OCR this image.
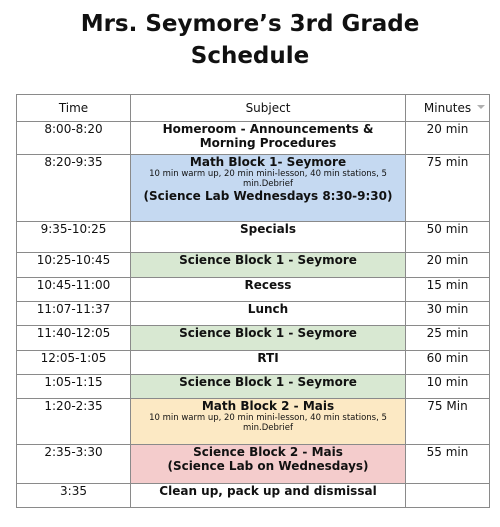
Mrs. Seymore’s 3rd Grade
Schedule
Time	Subject	Minutes

8:00-8:20	Homeroom - Announcements & Morning Procedures	20 min
8:20-9:35	Math Block 1- Seymore
10 min warm up, 20 min mini-lesson, 40 min stations, 5 min.Debrief
(Science Lab Wednesdays 8:30-9:30)	75 min
9:35-10:25	Specials	50 min
10:25-10:45	Science Block 1 - Seymore	20 min
10:45-11:00	Recess	15 min
11:07-11:37	Lunch	30 min
11:40-12:05	Science Block 1 - Seymore	25 min
12:05-1:05	RTI	60 min
1:05-1:15	Science Block 1 - Seymore	10 min
1:20-2:35	Math Block 2 - Mais
10 min warm up, 20 min mini-lesson, 40 min stations, 5 min.Debrief	75 Min
2:35-3:30	Science Block 2 - Mais
(Science Lab on Wednesdays)	55 min
3:35	Clean up, pack up and dismissal	
